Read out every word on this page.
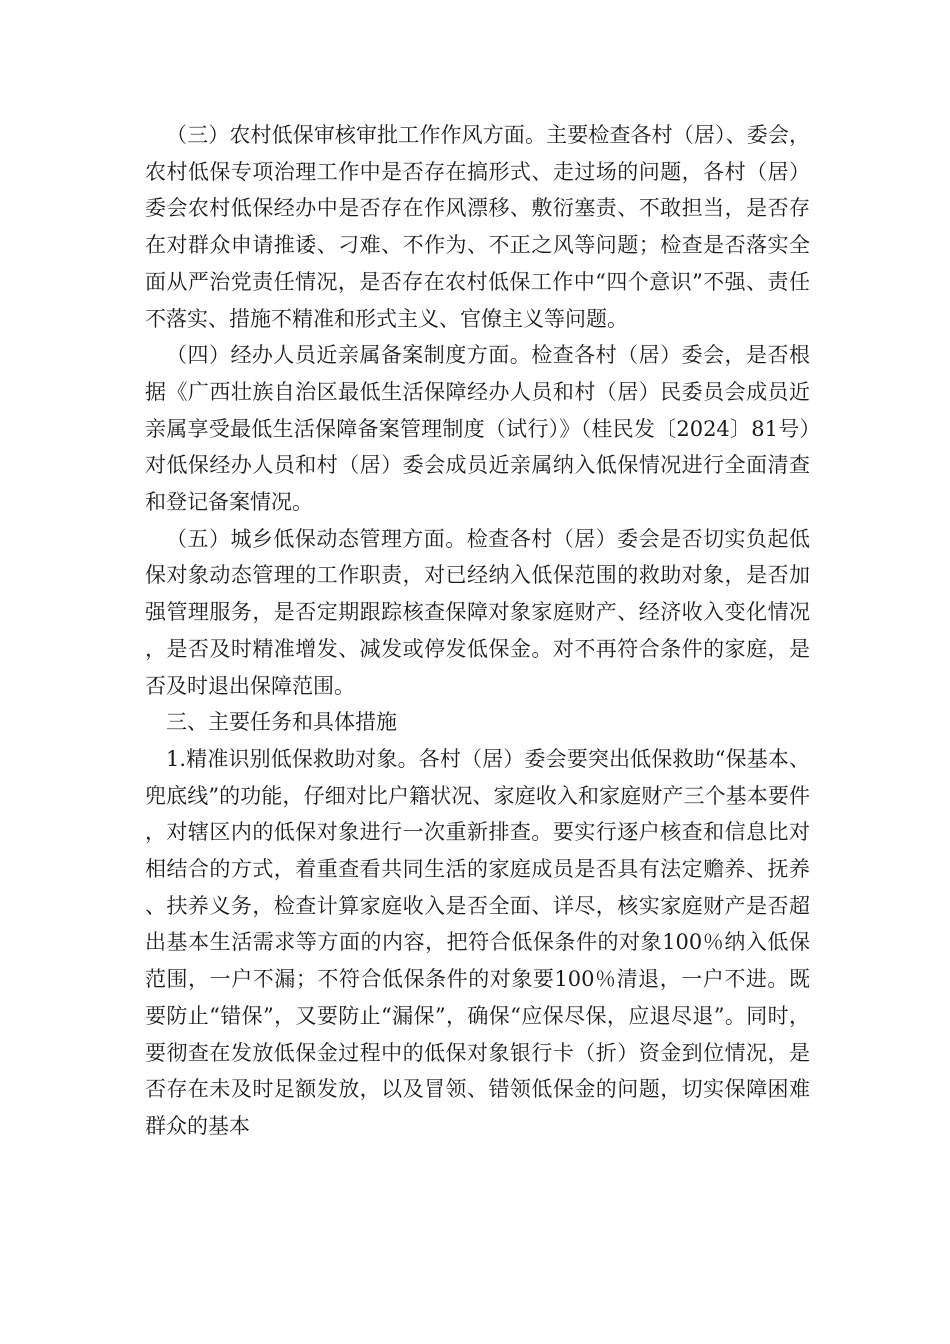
（三）农村低保审核审批工作作风方面。主要检查各村（居）、委会，农村低保专项治理工作中是否存在搞形式、走过场的问题，各村（居）委会农村低保经办中是否存在作风漂移、敷衍塞责、不敢担当，是否存在对群众申请推诿、刁难、不作为、不正之风等问题；检查是否落实全面从严治党责任情况，是否存在农村低保工作中“四个意识”不强、责任不落实、措施不精准和形式主义、官僚主义等问题。

（四）经办人员近亲属备案制度方面。检查各村（居）委会，是否根据《广西壮族自治区最低生活保障经办人员和村（居）民委员会成员近亲属享受最低生活保障备案管理制度（试行）》（桂民发〔2024〕81号）对低保经办人员和村（居）委会成员近亲属纳入低保情况进行全面清查和登记备案情况。

（五）城乡低保动态管理方面。检查各村（居）委会是否切实负起低保对象动态管理的工作职责，对已经纳入低保范围的救助对象，是否加强管理服务，是否定期跟踪核查保障对象家庭财产、经济收入变化情况，是否及时精准增发、减发或停发低保金。对不再符合条件的家庭，是否及时退出保障范围。

三、主要任务和具体措施

1.精准识别低保救助对象。各村（居）委会要突出低保救助“保基本、兜底线”的功能，仔细对比户籍状况、家庭收入和家庭财产三个基本要件，对辖区内的低保对象进行一次重新排查。要实行逐户核查和信息比对相结合的方式，着重查看共同生活的家庭成员是否具有法定赡养、抚养、扶养义务，检查计算家庭收入是否全面、详尽，核实家庭财产是否超出基本生活需求等方面的内容，把符合低保条件的对象100％纳入低保范围，一户不漏；不符合低保条件的对象要100％清退，一户不进。既要防止“错保”，又要防止“漏保”，确保“应保尽保，应退尽退”。同时，要彻查在发放低保金过程中的低保对象银行卡（折）资金到位情况，是否存在未及时足额发放，以及冒领、错领低保金的问题，切实保障困难群众的基本
